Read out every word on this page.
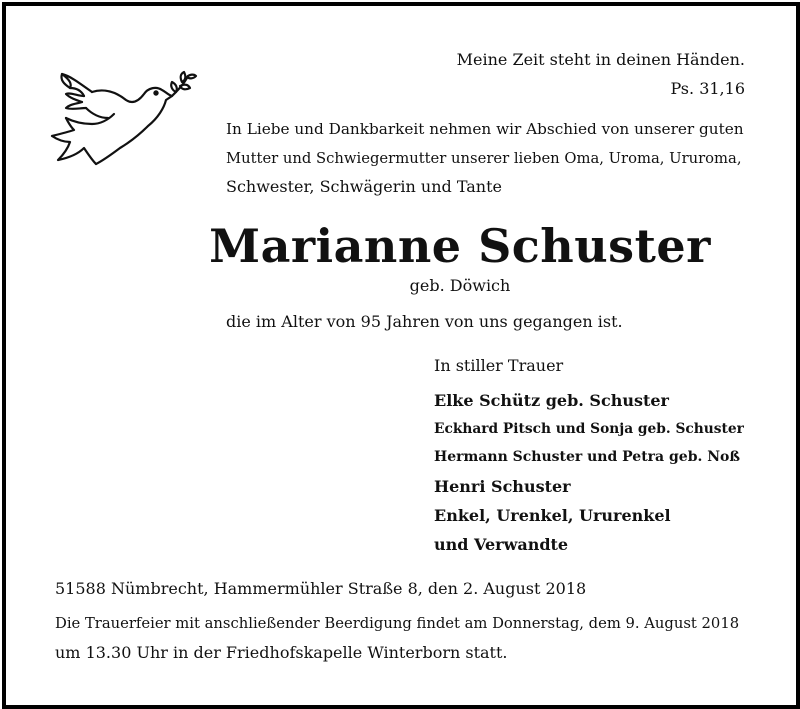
Meine Zeit steht in deinen Händen.
Ps. 31,16
In Liebe und Dankbarkeit nehmen wir Abschied von unserer guten
Mutter und Schwiegermutter unserer lieben Oma, Uroma, Ururoma,
Schwester, Schwägerin und Tante
Marianne Schuster
geb. Döwich
die im Alter von 95 Jahren von uns gegangen ist.
In stiller Trauer
Elke Schütz geb. Schuster
Eckhard Pitsch und Sonja geb. Schuster
Hermann Schuster und Petra geb. Noß
Henri Schuster
Enkel, Urenkel, Ururenkel
und Verwandte
51588 Nümbrecht, Hammermühler Straße 8, den 2. August 2018
Die Trauerfeier mit anschließender Beerdigung findet am Donnerstag, dem 9. August 2018
um 13.30 Uhr in der Friedhofskapelle Winterborn statt.
